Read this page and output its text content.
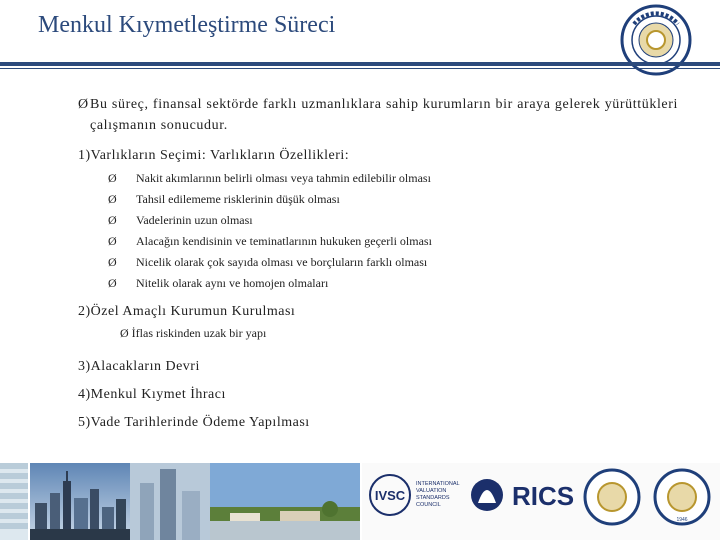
Menkul Kıymetleştirme Süreci
ØBu süreç, finansal sektörde farklı uzmanlıklara sahip kurumların bir araya gelerek yürüttükleri çalışmanın sonucudur.
1)Varlıkların Seçimi: Varlıkların Özellikleri:
Ø	Nakit akımlarının belirli olması veya tahmin edilebilir olması
Ø	Tahsil edilememe risklerinin düşük olması
Ø	Vadelerinin uzun olması
Ø	Alacağın kendisinin ve teminatlarının hukuken geçerli olması
Ø	Nicelik olarak çok sayıda olması ve borçluların farklı olması
Ø	Nitelik olarak aynı ve homojen olmaları
2)Özel Amaçlı Kurumun Kurulması
Ø İflas riskinden uzak bir yapı
3)Alacakların Devri
4)Menkul Kıymet İhracı
5)Vade Tarihlerinde Ödeme Yapılması
IVSC
INTERNATIONAL
VALUATION
STANDARDS
COUNCIL	RICS
1946
